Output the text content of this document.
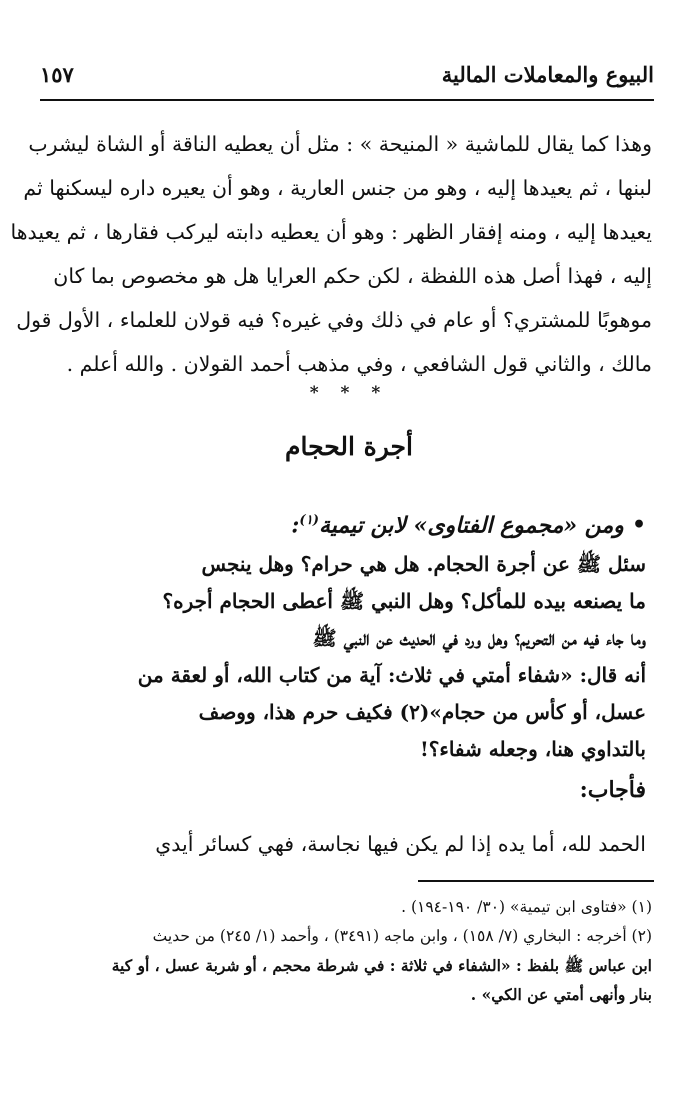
البيوع والمعاملات المالية
١٥٧
وهذا كما يقال للماشية « المنيحة » : مثل أن يعطيه الناقة أو الشاة ليشرب
لبنها ، ثم يعيدها إليه ، وهو من جنس العارية ، وهو أن يعيره داره ليسكنها ثم
يعيدها إليه ، ومنه إفقار الظهر : وهو أن يعطيه دابته ليركب فقارها ، ثم يعيدها
إليه ، فهذا أصل هذه اللفظة ، لكن حكم العرايا هل هو مخصوص بما كان
موهوبًا للمشتري؟ أو عام في ذلك وفي غيره؟ فيه قولان للعلماء ، الأول قول
مالك ، والثاني قول الشافعي ، وفي مذهب أحمد القولان . والله أعلم .
* * *
أجرة الحجام
•ومن «مجموع الفتاوى» لابن تيمية$^{(١)}$:
سئل ﷺ عن أجرة الحجام. هل هي حرام؟ وهل ينجس
ما يصنعه بيده للمأكل؟ وهل النبي ﷺ أعطى الحجام أجره؟
وما جاء فيه من التحريم؟ وهل ورد في الحديث عن النبي ﷺ
أنه قال: «شفاء أمتي في ثلاث: آية من كتاب الله، أو لعقة من
عسل، أو كأس من حجام»(٢) فكيف حرم هذا، ووصف
بالتداوي هنا، وجعله شفاء؟!
فأجاب:
الحمد لله، أما يده إذا لم يكن فيها نجاسة، فهي كسائر أيدي
(١) «فتاوى ابن تيمية» (٣٠/ ١٩٠-١٩٤) .
(٢) أخرجه : البخاري (٧/ ١٥٨) ، وابن ماجه (٣٤٩١) ، وأحمد (١/ ٢٤٥) من حديث
ابن عباس ﷺ بلفظ : «الشفاء في ثلاثة : في شرطة محجم ، أو شربة عسل ، أو كية
بنار وأنهى أمتي عن الكي» .
